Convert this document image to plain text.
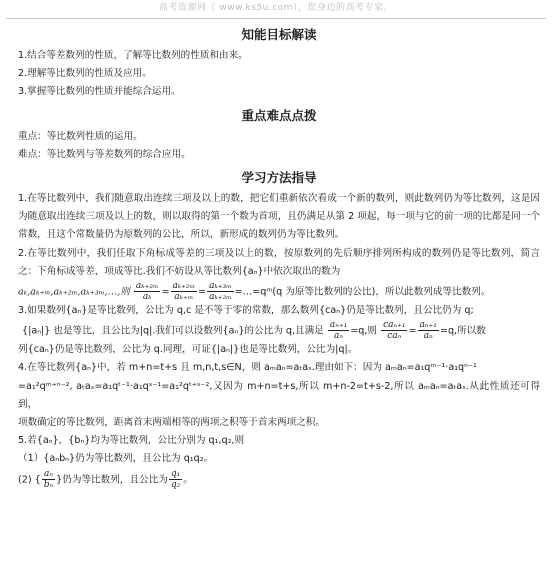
高考资源网（ www.ks5u.com），您身边的高考专家。
知能目标解读

1.结合等差数列的性质，了解等比数列的性质和由来。

2.理解等比数列的性质及应用。

3.掌握等比数列的性质并能综合运用。

重点难点点拨

重点：等比数列性质的运用。

难点：等比数列与等差数列的综合应用。

学习方法指导

1.在等比数列中，我们随意取出连续三项及以上的数，把它们重新依次看成一个新的数列，则此数列仍为等比数列，这是因为随意取出连续三项及以上的数，则以取得的第一个数为首项，且仍满足从第 2 项起，每一项与它的前一项的比都是同一个常数，且这个常数量仍为原数列的公比，所以，新形成的数列仍为等比数列。

2.在等比数列中，我们任取下角标成等差的三项及以上的数，按原数列的先后顺序排列所构成的数列仍是等比数列，简言之：下角标成等差，项成等比.我们不妨设从等比数列{aₙ}中依次取出的数为

aₖ,aₖ₊ₘ,aₖ₊₂ₘ,aₖ₊₃ₘ,…,则 $\frac{\text{aₖ₊₂ₘ}}{\text{aₖ}} = \frac{\text{aₖ₊₂ₘ}}{\text{aₖ₊ₘ}} = \frac{\text{aₖ₊₃ₘ}}{\text{aₖ₊₂ₘ}}$ =…=qᵐ(q 为原等比数列的公比)，所以此数列成等比数列。

3.如果数列{aₙ}是等比数列，公比为 q,c 是不等于零的常数，那么数列{caₙ}仍是等比数列，且公比仍为 q;

{|aₙ|} 也是等比，且公比为|q|.我们可以设数列{aₙ}的公比为 q,且满足 $\frac{\text{aₙ₊₁}}{\text{aₙ}} =q$,则 $\frac{\text{caₙ₊₁}}{\text{caₙ}} = \frac{\text{aₙ₊₁}}{\text{aₙ}} =q$,所以数

列{caₙ}仍是等比数列，公比为 q.同理，可证{|aₙ|}也是等比数列，公比为|q|。

4.在等比数列{aₙ}中，若 m+n=t+s 且 m,n,t,s∈N，则 aₘaₙ=aₜaₛ.理由如下：因为 aₘaₙ=a₁qᵐ⁻¹·a₁qⁿ⁻¹

=a₁²qᵐ⁺ⁿ⁻², aₜaₛ=a₁qᵗ⁻¹·a₁qˢ⁻¹=a₁²qᵗ⁺ˢ⁻²,又因为 m+n=t+s,所以 m+n-2=t+s-2,所以 aₘaₙ=aₜaₛ.从此性质还可得到，

项数确定的等比数列，距离首末两端相等的两项之积等于首末两项之积。

5.若{aₙ}，{bₙ}均为等比数列，公比分别为 q₁,q₂,则

（1）{aₙbₙ}仍为等比数列，且公比为 q₁q₂。

(2) { $\frac{\text{aₙ}}{\text{bₙ}}$ }仍为等比数列，且公比为 $\frac{\text{q₁}}{\text{q₂}}$ 。
